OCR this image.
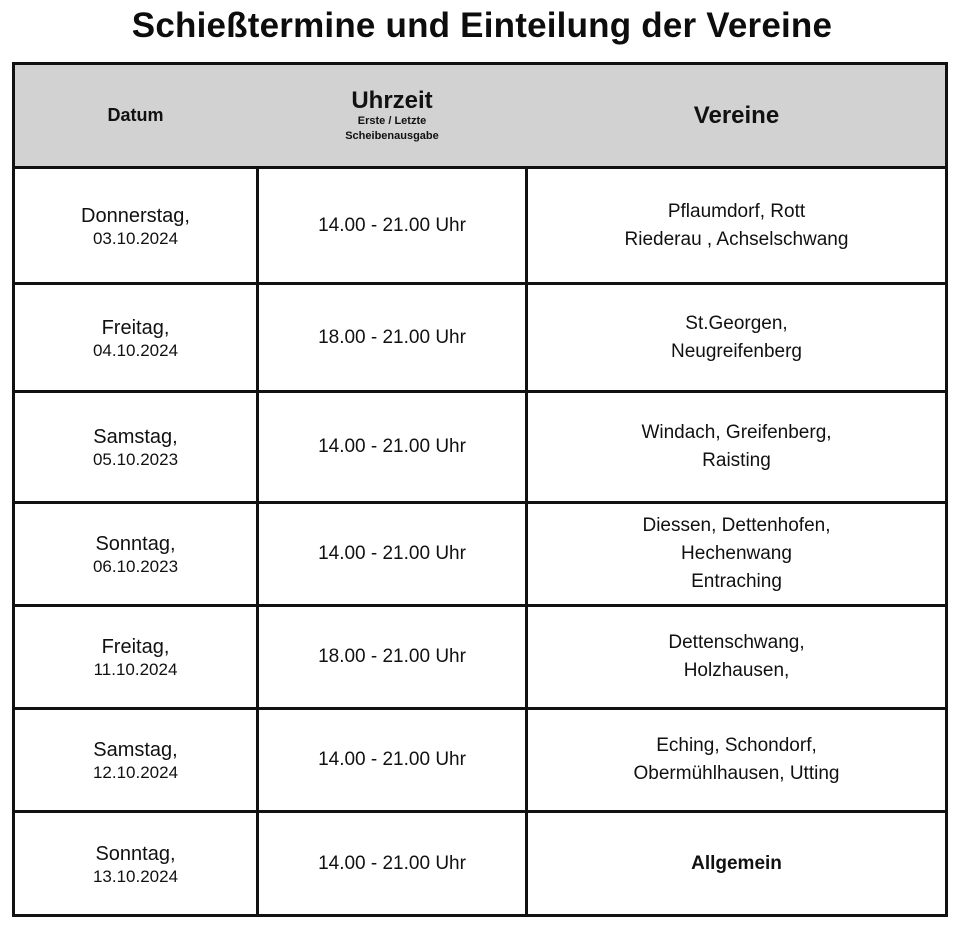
Schießtermine und Einteilung der Vereine
Datum
Uhrzeit
Erste / Letzte
Scheibenausgabe
Vereine
Donnerstag,
03.10.2024
14.00 - 21.00 Uhr
Pflaumdorf, Rott
Riederau , Achselschwang
Freitag,
04.10.2024
18.00 - 21.00 Uhr
St.Georgen,
Neugreifenberg
Samstag,
05.10.2023
14.00 - 21.00 Uhr
Windach, Greifenberg,
Raisting
Sonntag,
06.10.2023
14.00 - 21.00 Uhr
Diessen, Dettenhofen,
Hechenwang
Entraching
Freitag,
11.10.2024
18.00 - 21.00 Uhr
Dettenschwang,
Holzhausen,
Samstag,
12.10.2024
14.00 - 21.00 Uhr
Eching, Schondorf,
Obermühlhausen, Utting
Sonntag,
13.10.2024
14.00 - 21.00 Uhr	Allgemein
